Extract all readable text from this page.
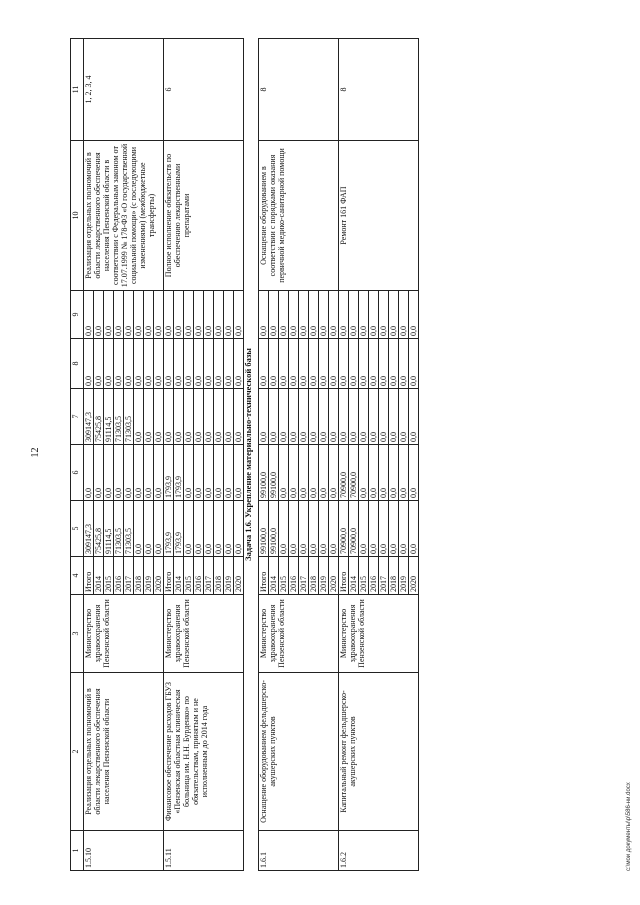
12
1	2	3	4	5	6	7	8	9	10	11
1.5.10	Реализация отдельных полномочий в области лекарственного обеспечения населения Пензенской области	Министерство здравоохранения Пензенской области	Итого	309147,3	0,0	309147,3	0,0	0,0	Реализация отдельных полномочий в области лекарственного обеспечения населения Пензенской области в соответствии с Федеральным законом от 17.07.1999 № 178-ФЗ «О государственной социальной помощи» (с последующими изменениями) (межбюджетные трансферты)	1, 2, 3, 4
			2014	75425,8	0,0	75425,8	0,0	0,0		
			2015	91114,5	0,0	91114,5	0,0	0,0		
			2016	71303,5	0,0	71303,5	0,0	0,0		
			2017	71303,5	0,0	71303,5	0,0	0,0		
			2018	0,0	0,0	0,0	0,0	0,0		
			2019	0,0	0,0	0,0	0,0	0,0		
			2020	0,0	0,0	0,0	0,0	0,0		
1.5.11	Финансовое обеспечение расходов ГБУЗ «Пензенская областная клиническая больница им. Н.Н. Бурденко» по обязательствам, принятым и не исполненным до 2014 года	Министерство здравоохранения Пензенской области	Итого	1793,9	1793,9	0,0	0,0	0,0	Полное исполнение обязательств по обеспечению лекарственными препаратами	6
			2014	1793,9	1793,9	0,0	0,0	0,0		
			2015	0,0	0,0	0,0	0,0	0,0		
			2016	0,0	0,0	0,0	0,0	0,0		
			2017	0,0	0,0	0,0	0,0	0,0		
			2018	0,0	0,0	0,0	0,0	0,0		
			2019	0,0	0,0	0,0	0,0	0,0		
			2020	0,0	0,0	0,0	0,0	0,0		
Задача 1.6. Укрепление материально-технической базы										
1.6.1	Оснащение оборудованием фельдшерско-акушерских пунктов	Министерство здравоохранения Пензенской области	Итого	99100,0	99100,0	0,0	0,0	0,0	Оснащение оборудованием в соответствии с порядками оказания первичной медико-санитарной помощи	8
			2014	99100,0	99100,0	0,0	0,0	0,0		
			2015	0,0	0,0	0,0	0,0	0,0		
			2016	0,0	0,0	0,0	0,0	0,0		
			2017	0,0	0,0	0,0	0,0	0,0		
			2018	0,0	0,0	0,0	0,0	0,0		
			2019	0,0	0,0	0,0	0,0	0,0		
			2020	0,0	0,0	0,0	0,0	0,0		
1.6.2	Капитальный ремонт фельдшерско-акушерских пунктов	Министерство здравоохранения Пензенской области	Итого	70900,0	70900,0	0,0	0,0	0,0	Ремонт 161 ФАП	8
			2014	70900,0	70900,0	0,0	0,0	0,0		
			2015	0,0	0,0	0,0	0,0	0,0		
			2016	0,0	0,0	0,0	0,0	0,0		
			2017	0,0	0,0	0,0	0,0	0,0		
			2018	0,0	0,0	0,0	0,0	0,0		
			2019	0,0	0,0	0,0	0,0	0,0		
			2020	0,0	0,0	0,0	0,0	0,0		
c:\мои документы\p\586-ни.docx
